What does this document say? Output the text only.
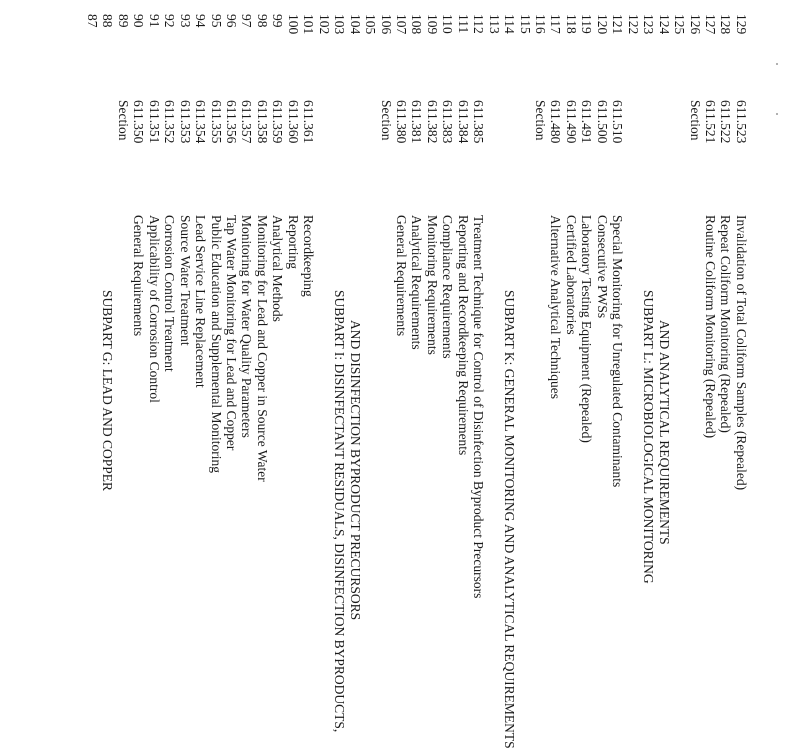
87 88
SUBPART G: LEAD AND COPPER
89
Section
90
611.350
General Requirements
91
611.351
Applicability of Corrosion Control
92
611.352
Corrosion Control Treatment
93
611.353
Source Water Treatment
94
611.354
Lead Service Line Replacement
95
611.355
Public Education and Supplemental Monitoring
96
611.356
Tap Water Monitoring for Lead and Copper
97
611.357
Monitoring for Water Quality Parameters
98
611.358
Monitoring for Lead and Copper in Source Water
99
611.359
Analytical Methods
100
611.360
Reporting
101
611.361
Recordkeeping
102 103
SUBPART I: DISINFECTANT RESIDUALS, DISINFECTION BYPRODUCTS,
104
AND DISINFECTION BYPRODUCT PRECURSORS
105 106
Section
107
611.380
General Requirements
108
611.381
Analytical Requirements
109
611.382
Monitoring Requirements
110
611.383
Compliance Requirements
111
611.384
Reporting and Recordkeeping Requirements
112
611.385
Treatment Technique for Control of Disinfection Byproduct Precursors
113 114
SUBPART K: GENERAL MONITORING AND ANALYTICAL REQUIREMENTS
115 116
Section
117
611.480
Alternative Analytical Techniques
118
611.490
Certified Laboratories
119
611.491
Laboratory Testing Equipment (Repealed)
120
611.500
Consecutive PWSs
121
611.510
Special Monitoring for Unregulated Contaminants
122 123
SUBPART L: MICROBIOLOGICAL MONITORING
124
AND ANALYTICAL REQUIREMENTS
125 126
Section
127
611.521
Routine Coliform Monitoring (Repealed)
128
611.522
Repeat Coliform Monitoring (Repealed)
129
611.523
Invalidation of Total Coliform Samples (Repealed)
